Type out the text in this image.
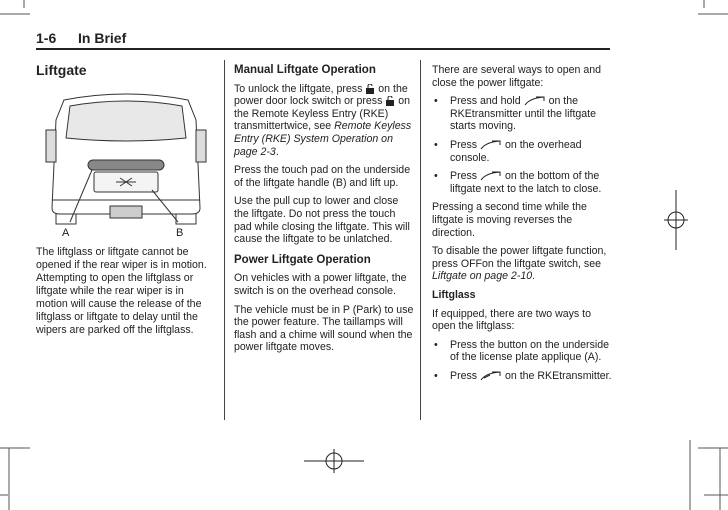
1-6 In Brief
Liftgate
A	B

The liftglass or liftgate cannot be opened if the rear wiper is in motion. Attempting to open the liftglass or liftgate while the rear wiper is in motion will cause the release of the liftglass or liftgate to delay until the wipers are parked off the liftglass.

Manual Liftgate Operation

To unlock the liftgate, press on the power door lock switch or press on the Remote Keyless Entry (RKE) transmittertwice, see Remote Keyless Entry (RKE) System Operation on page 2-3.

Press the touch pad on the underside of the liftgate handle (B) and lift up.

Use the pull cup to lower and close the liftgate. Do not press the touch pad while closing the liftgate. This will cause the liftgate to be unlatched.

Power Liftgate Operation

On vehicles with a power liftgate, the switch is on the overhead console.

The vehicle must be in P (Park) to use the power feature. The taillamps will flash and a chime will sound when the power liftgate moves.

There are several ways to open and close the power liftgate:

• Press and hold	on the RKEtransmitter until the liftgate starts moving.
• Press	on the overhead console.
• Press	on the bottom of the liftgate next to the latch to close.

Pressing a second time while the liftgate is moving reverses the direction.

To disable the power liftgate function, press OFFon the liftgate switch, see Liftgate on page 2-10.

Liftglass

If equipped, there are two ways to open the liftglass:

• Press the button on the underside of the license plate applique (A).
• Press	on the RKEtransmitter.
